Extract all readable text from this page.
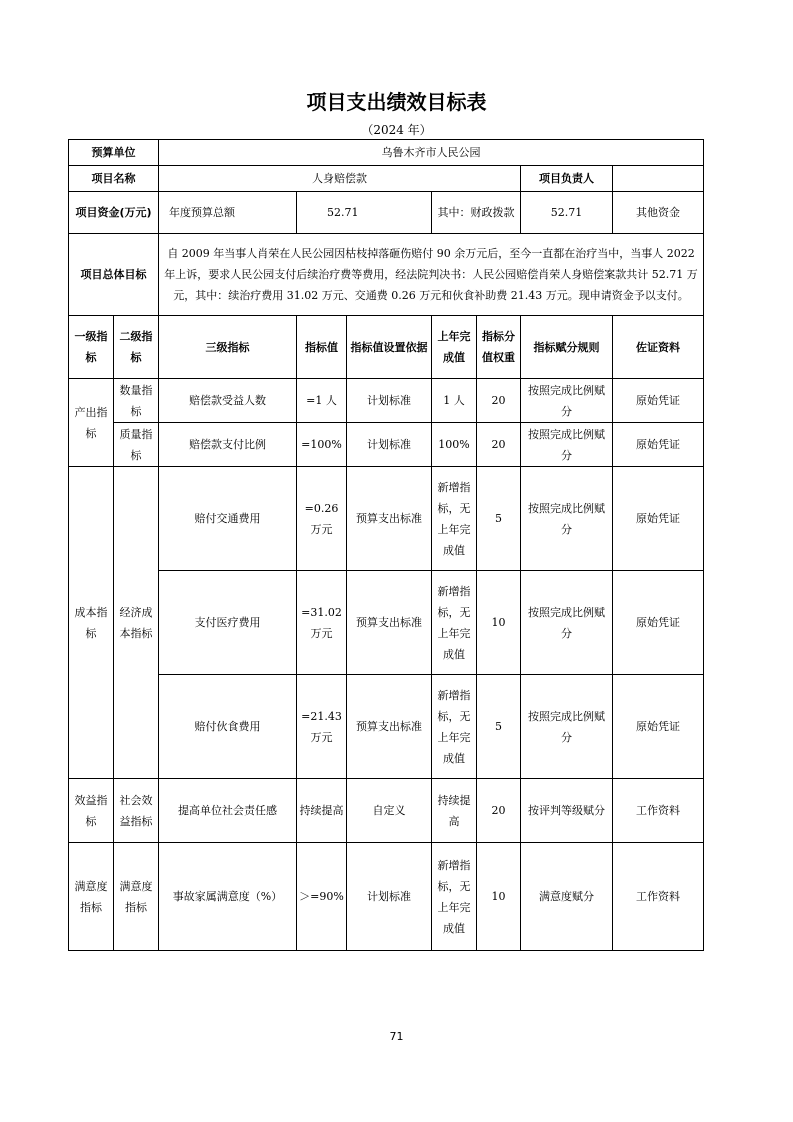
项目支出绩效目标表
（2024 年）
预算单位		乌鲁木齐市人民公园							
项目名称		人身赔偿款					项目负责人		
项目资金(万元)		年度预算总额	52.71		其中：财政拨款		52.71	其他资金	
项目总体目标		自 2009 年当事人肖荣在人民公园因枯枝掉落砸伤赔付 90 余万元后，至今一直都在治疗当中，当事人 2022 年上诉，要求人民公园支付后续治疗费等费用，经法院判决书：人民公园赔偿肖荣人身赔偿案款共计 52.71 万元，其中：续治疗费用 31.02 万元、交通费 0.26 万元和伙食补助费 21.43 万元。现申请资金予以支付。							
一级指标	二级指标	三级指标	指标值	指标值设置依据	上年完成值	指标分值权重	指标赋分规则	佐证资料	
产出指标	数量指标	赔偿款受益人数	=1 人	计划标准	1 人	20	按照完成比例赋分	原始凭证	
	质量指标	赔偿款支付比例	=100%	计划标准	100%	20	按照完成比例赋分	原始凭证	
成本指标	经济成本指标	赔付交通费用	=0.26 万元	预算支出标准	新增指标，无上年完成值	5	按照完成比例赋分	原始凭证	
		支付医疗费用	=31.02 万元	预算支出标准	新增指标，无上年完成值	10	按照完成比例赋分	原始凭证	
		赔付伙食费用	=21.43 万元	预算支出标准	新增指标，无上年完成值	5	按照完成比例赋分	原始凭证	
效益指标	社会效益指标	提高单位社会责任感	持续提高	自定义	持续提高	20	按评判等级赋分	工作资料	
满意度指标	满意度指标	事故家属满意度（%）	＞=90%	计划标准	新增指标，无上年完成值	10	满意度赋分	工作资料	
71
